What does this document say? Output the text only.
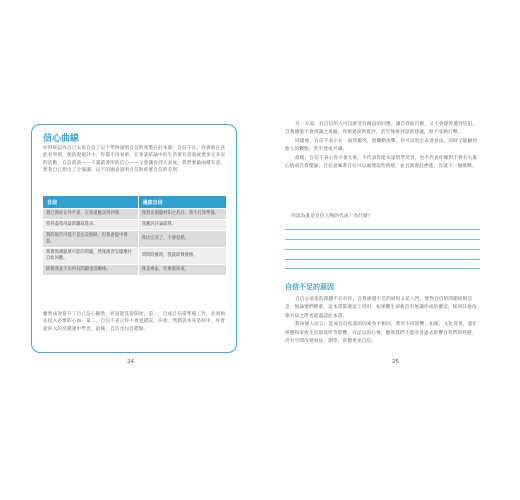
信心曲線
你得經認為自己太依自信了以下學例說明自信的產製在於本源，自信不在，你會被在意此看事情，便依現規評小，你都不再看重，在會談結論中的生活要有意義或要多完多況的活動，自信就前——不讀讀著所的信心——又會讓你到入表成。我們要做兩種有意，想著自己想出了合演講，以下的圖表說明自信和經歷自信的差別。
自信	過度自信
我已我好在外平表，在知道應該得到我	我對這個題材知之甚詳，我不打算準備。
我得盡我用最新聽寫進表。	我應該評論就我。
我的報告可能不是完美無缺，但我會從中得益。	我比完美了，不會犯錯。
我會預測題眾可能的問題，然後演習怎樣應付自如回應。	問問時擁時，我就即興發揮。
即使我並不出所有問題也沒關係。	我是專家，什麼都知道。
雖然成效提升了自己信心顯然，經話能其從開始，第一，自成自信還準備工作，必須預先投入必要的心血，第二，自信不表示你不會犯錯誤，你會，然錯誤本身是時中，你會從你入的反饋運中學習，最後，自信也包容錯點。
24
另一方面，有自信的人可以舒受有踐益的回應，讓自我取行動，又不會覺得遭到冒犯，自我價值不會到讓之角漏，你被過度的批評，甚至無接到認的建議，無不受納打擊。
同樣地，自信不表示在一面到衝突，展藥勤攻擊，你可以堅定表達看法，同時又能顧到他人的觀點，甚至達成共識。
最後，自信不表示你不會失敗，不代表你能永遠別學笑容，也不代表你總對不會有失康心情或自我懷疑，自信意味著自信可以處理這些情緒，並且就會此挫進，沒就下一個挑戰。
你認為誰是自信人物的代表？為什麼？
自信不足的原因
自信心低落的問題不在於你，自我感覺不佳的原因五花八門，要對自信的問題原則是念，無論情們輕重，這本書都適這上用用，如果難生卻新信有無讓你成的優這，探同其他改康方法之際也能盡認此本書。
對每個人而言，造成自信低落的因素各不相同，我有不同影響，如頭，文化背景，童年經歷和家族生活環境所等影響，有足以的心情，雖然我們不能改善過去影響自我們的經歷，仍有空間改變看法，期望，甚標更多自信。
25
